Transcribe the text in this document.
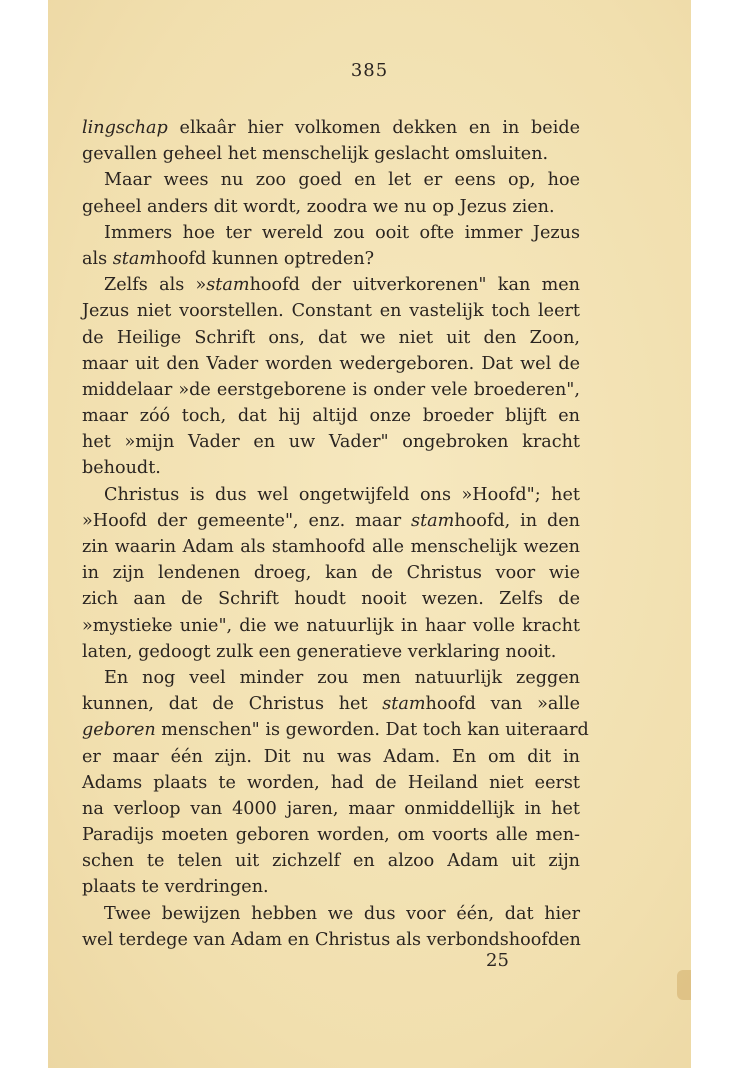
385
lingschap elkaâr hier volkomen dekken en in beide
gevallen geheel het menschelijk geslacht omsluiten.
Maar wees nu zoo goed en let er eens op, hoe
geheel anders dit wordt, zoodra we nu op Jezus zien.
Immers hoe ter wereld zou ooit ofte immer Jezus
als stamhoofd kunnen optreden?
Zelfs als »stamhoofd der uitverkorenen" kan men
Jezus niet voorstellen. Constant en vastelijk toch leert
de Heilige Schrift ons, dat we niet uit den Zoon,
maar uit den Vader worden wedergeboren. Dat wel de
middelaar »de eerstgeborene is onder vele broederen",
maar zóó toch, dat hij altijd onze broeder blijft en
het »mijn Vader en uw Vader" ongebroken kracht
behoudt.
Christus is dus wel ongetwijfeld ons »Hoofd"; het
»Hoofd der gemeente", enz. maar stamhoofd, in den
zin waarin Adam als stamhoofd alle menschelijk wezen
in zijn lendenen droeg, kan de Christus voor wie
zich aan de Schrift houdt nooit wezen. Zelfs de
»mystieke unie", die we natuurlijk in haar volle kracht
laten, gedoogt zulk een generatieve verklaring nooit.
En nog veel minder zou men natuurlijk zeggen
kunnen, dat de Christus het stamhoofd van »alle
geboren menschen" is geworden. Dat toch kan uiteraard
er maar één zijn. Dit nu was Adam. En om dit in
Adams plaats te worden, had de Heiland niet eerst
na verloop van 4000 jaren, maar onmiddellijk in het
Paradijs moeten geboren worden, om voorts alle men-
schen te telen uit zichzelf en alzoo Adam uit zijn
plaats te verdringen.
Twee bewijzen hebben we dus voor één, dat hier
wel terdege van Adam en Christus als verbondshoofden
25
